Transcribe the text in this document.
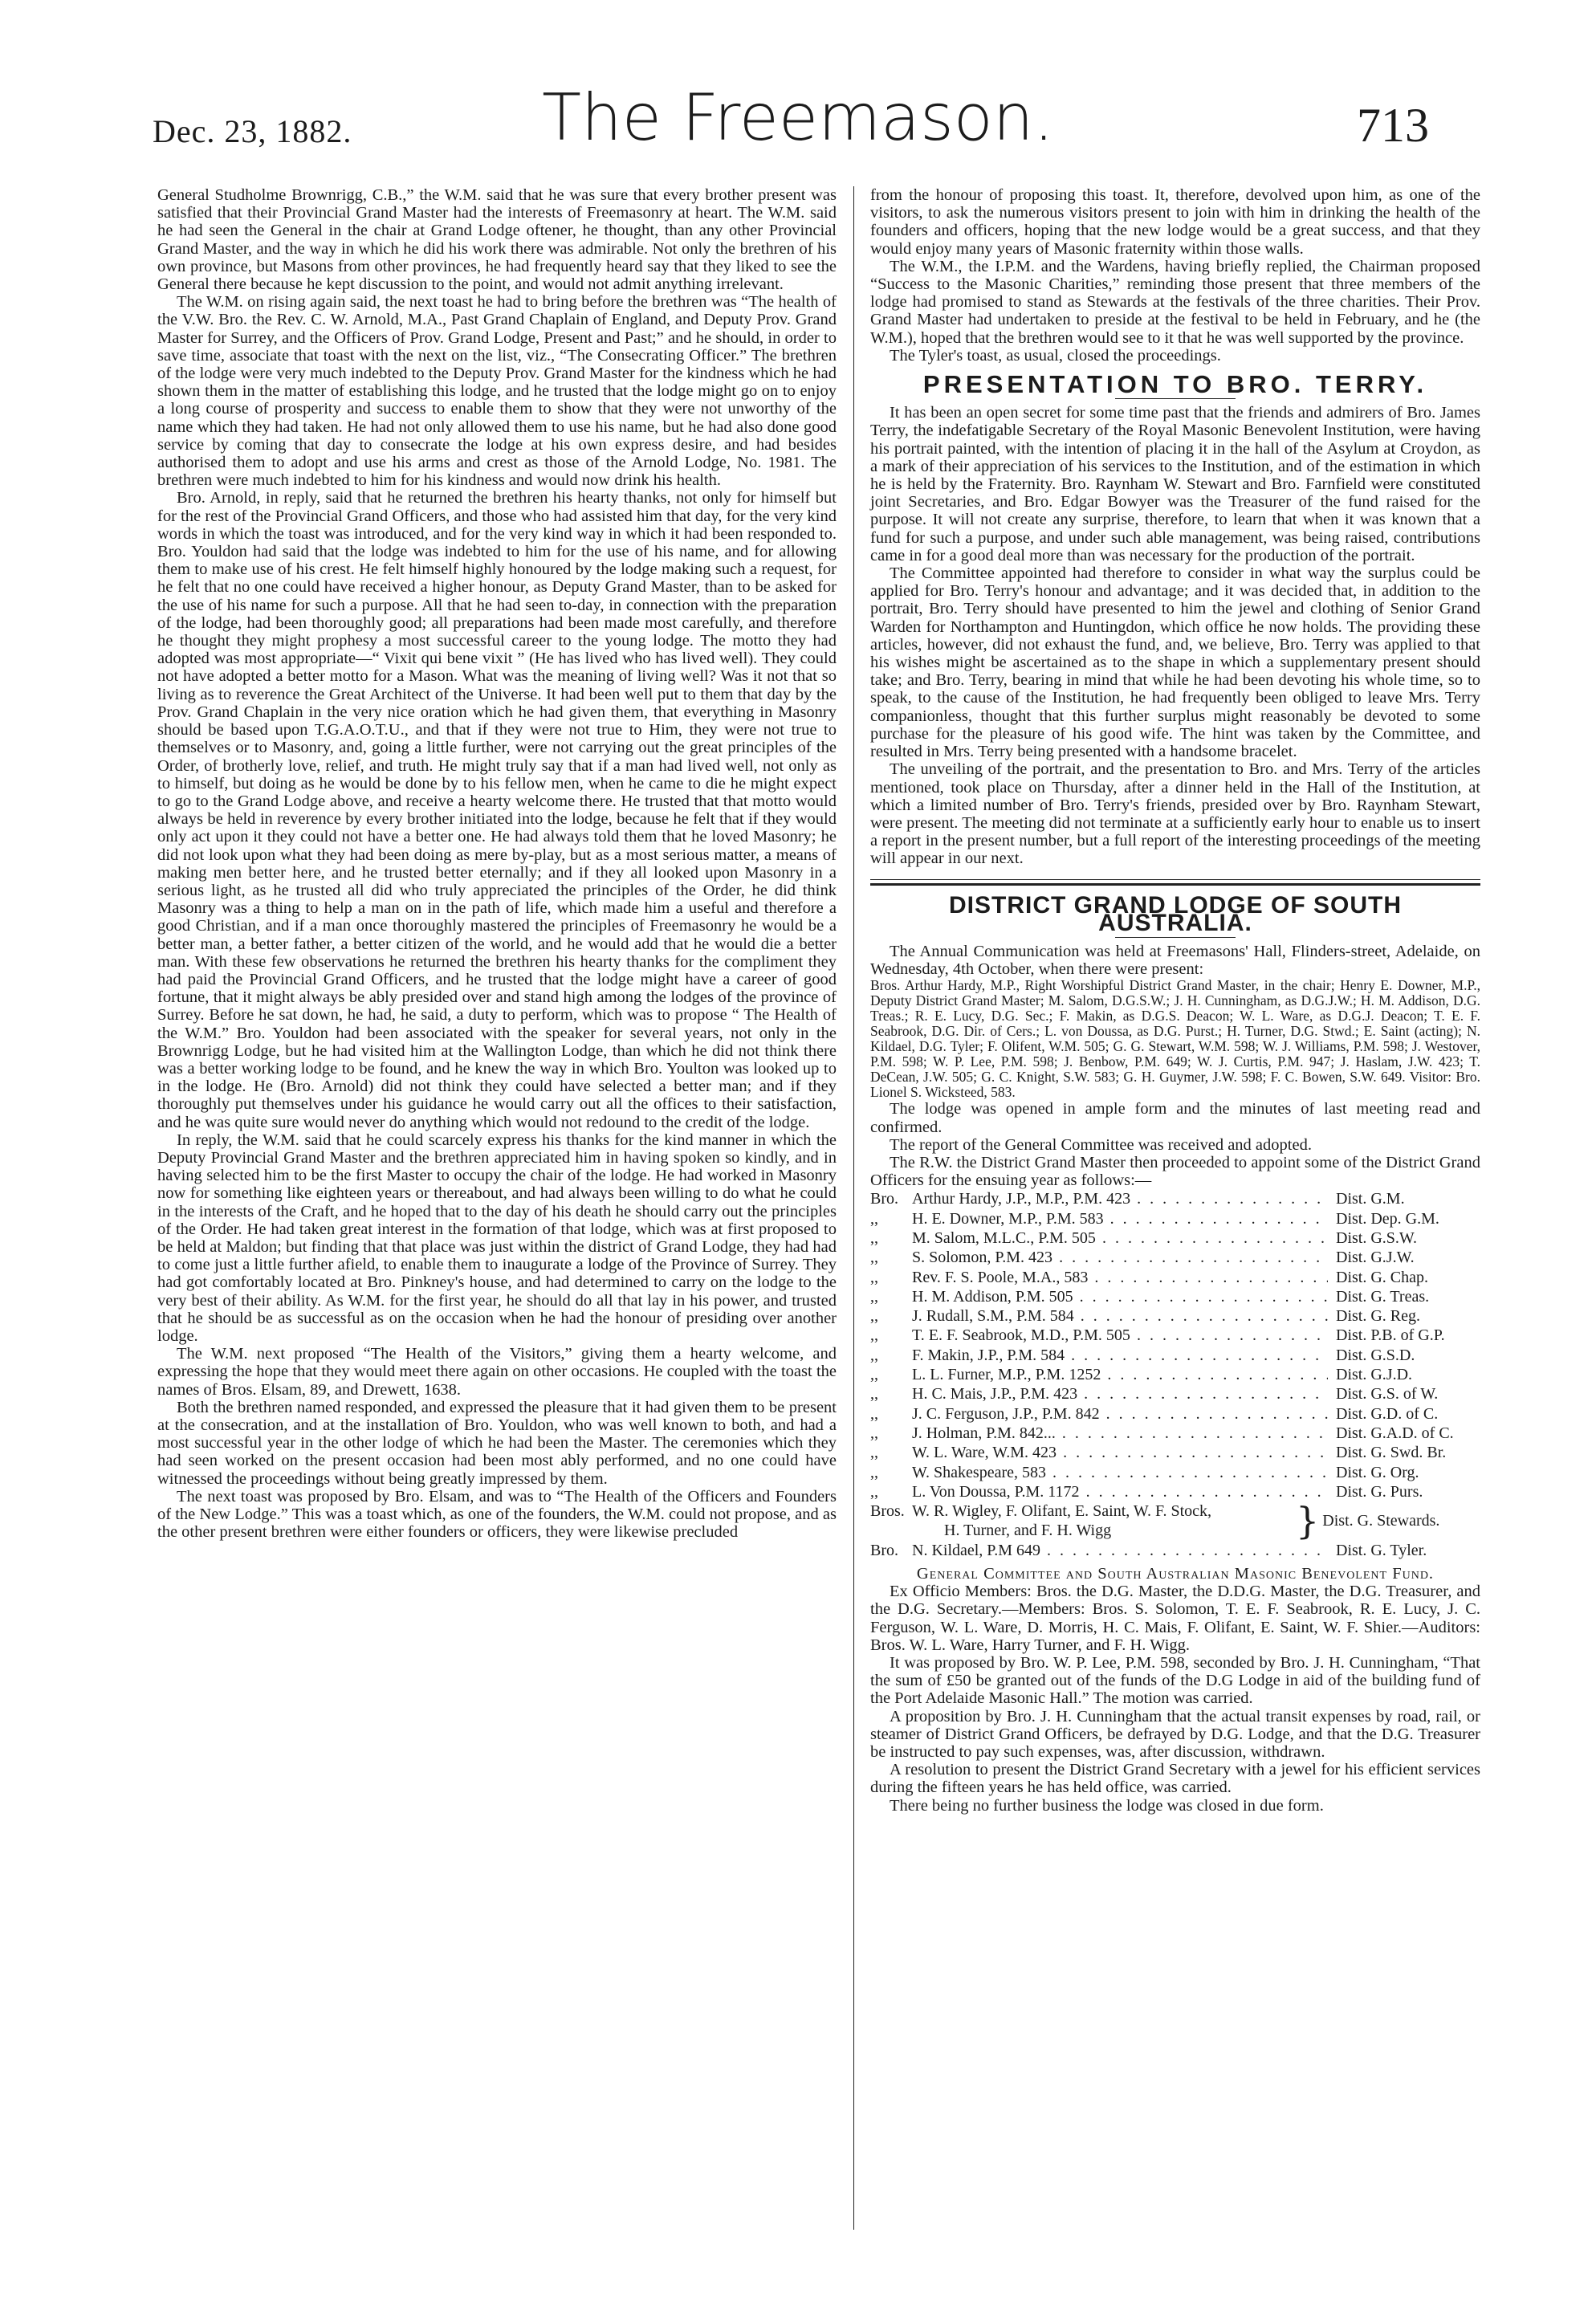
Dec. 23, 1882.	The Freemason.	713

General Studholme Brownrigg, C.B.,” the W.M. said that he was sure that every brother present was satisfied that their Provincial Grand Master had the interests of Freemasonry at heart. The W.M. said he had seen the General in the chair at Grand Lodge oftener, he thought, than any other Provincial Grand Master, and the way in which he did his work there was admirable. Not only the brethren of his own province, but Masons from other provinces, he had frequently heard say that they liked to see the General there because he kept discussion to the point, and would not admit anything irrelevant.

The W.M. on rising again said, the next toast he had to bring before the brethren was “The health of the V.W. Bro. the Rev. C. W. Arnold, M.A., Past Grand Chaplain of England, and Deputy Prov. Grand Master for Surrey, and the Officers of Prov. Grand Lodge, Present and Past;” and he should, in order to save time, associate that toast with the next on the list, viz., “The Consecrating Officer.” The brethren of the lodge were very much indebted to the Deputy Prov. Grand Master for the kindness which he had shown them in the matter of establishing this lodge, and he trusted that the lodge might go on to enjoy a long course of prosperity and success to enable them to show that they were not unworthy of the name which they had taken. He had not only allowed them to use his name, but he had also done good service by coming that day to consecrate the lodge at his own express desire, and had besides authorised them to adopt and use his arms and crest as those of the Arnold Lodge, No. 1981. The brethren were much indebted to him for his kindness and would now drink his health.

Bro. Arnold, in reply, said that he returned the brethren his hearty thanks, not only for himself but for the rest of the Provincial Grand Officers, and those who had assisted him that day, for the very kind words in which the toast was introduced, and for the very kind way in which it had been responded to. Bro. Youldon had said that the lodge was indebted to him for the use of his name, and for allowing them to make use of his crest. He felt himself highly honoured by the lodge making such a request, for he felt that no one could have received a higher honour, as Deputy Grand Master, than to be asked for the use of his name for such a purpose. All that he had seen to-day, in connection with the preparation of the lodge, had been thoroughly good; all preparations had been made most carefully, and therefore he thought they might prophesy a most successful career to the young lodge. The motto they had adopted was most appropriate—“ Vixit qui bene vixit ” (He has lived who has lived well). They could not have adopted a better motto for a Mason. What was the meaning of living well? Was it not that so living as to reverence the Great Architect of the Universe. It had been well put to them that day by the Prov. Grand Chaplain in the very nice oration which he had given them, that everything in Masonry should be based upon T.G.A.O.T.U., and that if they were not true to Him, they were not true to themselves or to Masonry, and, going a little further, were not carrying out the great principles of the Order, of brotherly love, relief, and truth. He might truly say that if a man had lived well, not only as to himself, but doing as he would be done by to his fellow men, when he came to die he might expect to go to the Grand Lodge above, and receive a hearty welcome there. He trusted that that motto would always be held in reverence by every brother initiated into the lodge, because he felt that if they would only act upon it they could not have a better one. He had always told them that he loved Masonry; he did not look upon what they had been doing as mere by-play, but as a most serious matter, a means of making men better here, and he trusted better eternally; and if they all looked upon Masonry in a serious light, as he trusted all did who truly appreciated the principles of the Order, he did think Masonry was a thing to help a man on in the path of life, which made him a useful and therefore a good Christian, and if a man once thoroughly mastered the principles of Freemasonry he would be a better man, a better father, a better citizen of the world, and he would add that he would die a better man. With these few observations he returned the brethren his hearty thanks for the compliment they had paid the Provincial Grand Officers, and he trusted that the lodge might have a career of good fortune, that it might always be ably presided over and stand high among the lodges of the province of Surrey. Before he sat down, he had, he said, a duty to perform, which was to propose “ The Health of the W.M.” Bro. Youldon had been associated with the speaker for several years, not only in the Brownrigg Lodge, but he had visited him at the Wallington Lodge, than which he did not think there was a better working lodge to be found, and he knew the way in which Bro. Youlton was looked up to in the lodge. He (Bro. Arnold) did not think they could have selected a better man; and if they thoroughly put themselves under his guidance he would carry out all the offices to their satisfaction, and he was quite sure would never do anything which would not redound to the credit of the lodge.

In reply, the W.M. said that he could scarcely express his thanks for the kind manner in which the Deputy Provincial Grand Master and the brethren appreciated him in having spoken so kindly, and in having selected him to be the first Master to occupy the chair of the lodge. He had worked in Masonry now for something like eighteen years or thereabout, and had always been willing to do what he could in the interests of the Craft, and he hoped that to the day of his death he should carry out the principles of the Order. He had taken great interest in the formation of that lodge, which was at first proposed to be held at Maldon; but finding that that place was just within the district of Grand Lodge, they had had to come just a little further afield, to enable them to inaugurate a lodge of the Province of Surrey. They had got comfortably located at Bro. Pinkney's house, and had determined to carry on the lodge to the very best of their ability. As W.M. for the first year, he should do all that lay in his power, and trusted that he should be as successful as on the occasion when he had the honour of presiding over another lodge.

The W.M. next proposed “The Health of the Visitors,” giving them a hearty welcome, and expressing the hope that they would meet there again on other occasions. He coupled with the toast the names of Bros. Elsam, 89, and Drewett, 1638.

Both the brethren named responded, and expressed the pleasure that it had given them to be present at the consecration, and at the installation of Bro. Youldon, who was well known to both, and had a most successful year in the other lodge of which he had been the Master. The ceremonies which they had seen worked on the present occasion had been most ably performed, and no one could have witnessed the proceedings without being greatly impressed by them.

The next toast was proposed by Bro. Elsam, and was to “The Health of the Officers and Founders of the New Lodge.” This was a toast which, as one of the founders, the W.M. could not propose, and as the other present brethren were either founders or officers, they were likewise precluded

from the honour of proposing this toast. It, therefore, devolved upon him, as one of the visitors, to ask the numerous visitors present to join with him in drinking the health of the founders and officers, hoping that the new lodge would be a great success, and that they would enjoy many years of Masonic fraternity within those walls.

The W.M., the I.P.M. and the Wardens, having briefly replied, the Chairman proposed “Success to the Masonic Charities,” reminding those present that three members of the lodge had promised to stand as Stewards at the festivals of the three charities. Their Prov. Grand Master had undertaken to preside at the festival to be held in February, and he (the W.M.), hoped that the brethren would see to it that he was well supported by the province.

The Tyler's toast, as usual, closed the proceedings.

PRESENTATION TO BRO. TERRY.

It has been an open secret for some time past that the friends and admirers of Bro. James Terry, the indefatigable Secretary of the Royal Masonic Benevolent Institution, were having his portrait painted, with the intention of placing it in the hall of the Asylum at Croydon, as a mark of their appreciation of his services to the Institution, and of the estimation in which he is held by the Fraternity. Bro. Raynham W. Stewart and Bro. Farnfield were constituted joint Secretaries, and Bro. Edgar Bowyer was the Treasurer of the fund raised for the purpose. It will not create any surprise, therefore, to learn that when it was known that a fund for such a purpose, and under such able management, was being raised, contributions came in for a good deal more than was necessary for the production of the portrait.

The Committee appointed had therefore to consider in what way the surplus could be applied for Bro. Terry's honour and advantage; and it was decided that, in addition to the portrait, Bro. Terry should have presented to him the jewel and clothing of Senior Grand Warden for Northampton and Huntingdon, which office he now holds. The providing these articles, however, did not exhaust the fund, and, we believe, Bro. Terry was applied to that his wishes might be ascertained as to the shape in which a supplementary present should take; and Bro. Terry, bearing in mind that while he had been devoting his whole time, so to speak, to the cause of the Institution, he had frequently been obliged to leave Mrs. Terry companionless, thought that this further surplus might reasonably be devoted to some purchase for the pleasure of his good wife. The hint was taken by the Committee, and resulted in Mrs. Terry being presented with a handsome bracelet.

The unveiling of the portrait, and the presentation to Bro. and Mrs. Terry of the articles mentioned, took place on Thursday, after a dinner held in the Hall of the Institution, at which a limited number of Bro. Terry's friends, presided over by Bro. Raynham Stewart, were present. The meeting did not terminate at a sufficiently early hour to enable us to insert a report in the present number, but a full report of the interesting proceedings of the meeting will appear in our next.

DISTRICT GRAND LODGE OF SOUTH AUSTRALIA.

The Annual Communication was held at Freemasons' Hall, Flinders-street, Adelaide, on Wednesday, 4th October, when there were present:

Bros. Arthur Hardy, M.P., Right Worshipful District Grand Master, in the chair; Henry E. Downer, M.P., Deputy District Grand Master; M. Salom, D.G.S.W.; J. H. Cunningham, as D.G.J.W.; H. M. Addison, D.G. Treas.; R. E. Lucy, D.G. Sec.; F. Makin, as D.G.S. Deacon; W. L. Ware, as D.G.J. Deacon; T. E. F. Seabrook, D.G. Dir. of Cers.; L. von Doussa, as D.G. Purst.; H. Turner, D.G. Stwd.; E. Saint (acting); N. Kildael, D.G. Tyler; F. Olifent, W.M. 505; G. G. Stewart, W.M. 598; W. J. Williams, P.M. 598; J. Westover, P.M. 598; W. P. Lee, P.M. 598; J. Benbow, P.M. 649; W. J. Curtis, P.M. 947; J. Haslam, J.W. 423; T. DeCean, J.W. 505; G. C. Knight, S.W. 583; G. H. Guymer, J.W. 598; F. C. Bowen, S.W. 649. Visitor: Bro. Lionel S. Wicksteed, 583.

The lodge was opened in ample form and the minutes of last meeting read and confirmed.

The report of the General Committee was received and adopted.

The R.W. the District Grand Master then proceeded to appoint some of the District Grand Officers for the ensuing year as follows:—

Bro. Arthur Hardy, J.P., M.P., P.M. 423 . . .	Dist. G.M.
,,	H. E. Downer, M.P., P.M. 583 . . .	Dist. Dep. G.M.
,,	M. Salom, M.L.C., P.M. 505 . . .	Dist. G.S.W.
,,	S. Solomon, P.M. 423 . . .	Dist. G.J.W.
,,	Rev. F. S. Poole, M.A., 583 . . .	Dist. G. Chap.
,,	H. M. Addison, P.M. 505 . . .	Dist. G. Treas.
,,	J. Rudall, S.M., P.M. 584 . . .	Dist. G. Reg.
,,	T. E. F. Seabrook, M.D., P.M. 505 . . .	Dist. P.B. of G.P.
,,	F. Makin, J.P., P.M. 584 . . .	Dist. G.S.D.
,,	L. L. Furner, M.P., P.M. 1252 . . .	Dist. G.J.D.
,,	H. C. Mais, J.P., P.M. 423 . . .	Dist. G.S. of W.
,,	J. C. Ferguson, J.P., P.M. 842 . . .	Dist. G.D. of C.
,,	J. Holman, P.M. 842... . . .	Dist. G.A.D. of C.
,,	W. L. Ware, W.M. 423 . . .	Dist. G. Swd. Br.
,,	W. Shakespeare, 583 . . .	Dist. G. Org.
,,	L. Von Doussa, P.M. 1172 . . .	Dist. G. Purs.
Bros. W. R. Wigley, F. Olifant, E. Saint, W. F. Stock,
H. Turner, and F. H. Wigg	} Dist. G. Stewards.
Bro. N. Kildael, P.M 649 . . .	Dist. G. Tyler.
General Committee and South Australian Masonic Benevolent Fund.

Ex Officio Members: Bros. the D.G. Master, the D.D.G. Master, the D.G. Treasurer, and the D.G. Secretary.—Members: Bros. S. Solomon, T. E. F. Seabrook, R. E. Lucy, J. C. Ferguson, W. L. Ware, D. Morris, H. C. Mais, F. Olifant, E. Saint, W. F. Shier.—Auditors: Bros. W. L. Ware, Harry Turner, and F. H. Wigg.

It was proposed by Bro. W. P. Lee, P.M. 598, seconded by Bro. J. H. Cunningham, “That the sum of £50 be granted out of the funds of the D.G Lodge in aid of the building fund of the Port Adelaide Masonic Hall.” The motion was carried.

A proposition by Bro. J. H. Cunningham that the actual transit expenses by road, rail, or steamer of District Grand Officers, be defrayed by D.G. Lodge, and that the D.G. Treasurer be instructed to pay such expenses, was, after discussion, withdrawn.

A resolution to present the District Grand Secretary with a jewel for his efficient services during the fifteen years he has held office, was carried.

There being no further business the lodge was closed in due form.
